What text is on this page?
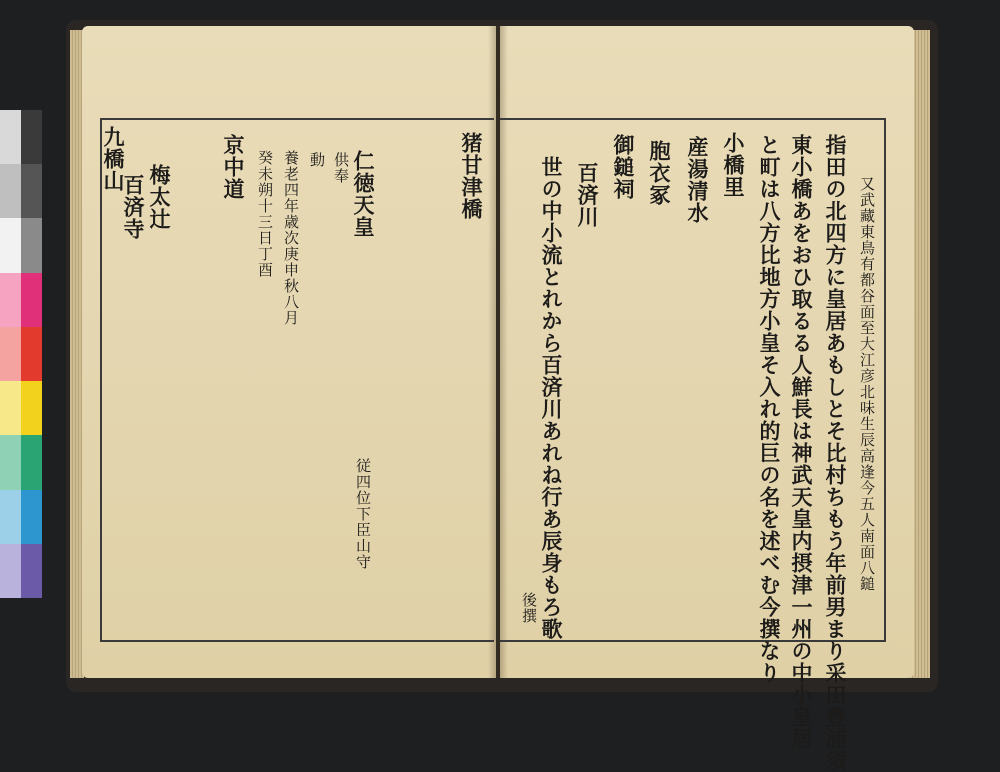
又武藏東鳥有都谷面至大江彦北味生辰高逢今五人南面八鎚
指田の北四方に皇居あもしとそ比村ちもう年前男まり采田豊浦須
東小橋あをおひ取るる人鮮長は神武天皇内摂津一州の中小皇居
と町は八方比地方小皇そ入れ的巨の名を述べむ今撰なり
小橋里
産湯清水
胞衣冢
御鎚祠
百済川
世の中小流とれから百済川あれね行あ辰身もろ歌
後撰
猪甘津橋
仁徳天皇
供奉
動
養老四年歳次庚申秋八月
癸未朔十三日丁酉
従四位下臣山守
京中道
梅太辻
百済寺
九橋山
